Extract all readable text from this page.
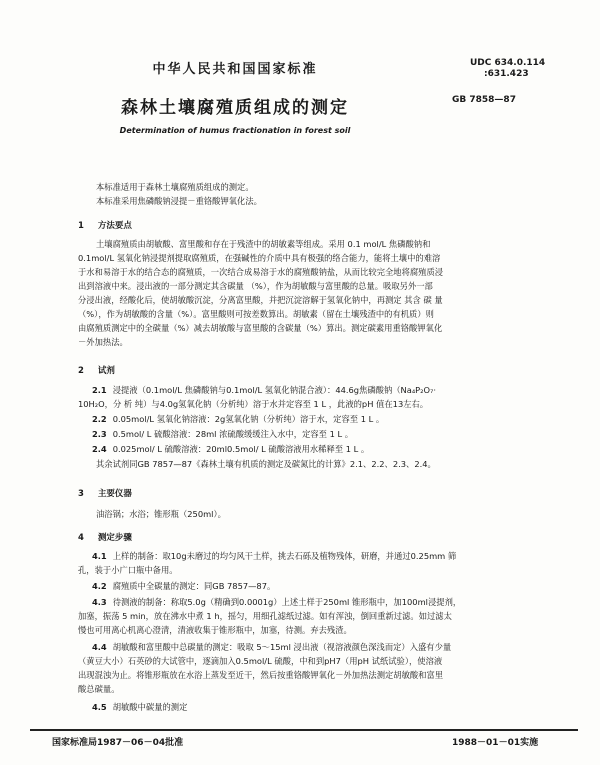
中华人民共和国国家标准	UDC 634.0.114
:631.423
森林土壤腐殖质组成的测定	GB 7858—87
Determination of humus fractionation in forest soil
本标准适用于森林土壤腐殖质组成的测定。
本标准采用焦磷酸钠浸提－重铬酸钾氧化法。
1 方法要点
土壤腐殖质由胡敏酸、富里酸和存在于残渣中的胡敏素等组成。采用 0.1 mol/L 焦磷酸钠和
0.1mol/L 氢氧化钠浸提剂提取腐殖质，在强碱性的介质中具有极强的络合能力，能将土壤中的难溶
于水和易溶于水的结合态的腐殖质，一次结合成易溶于水的腐殖酸钠盐，从而比较完全地将腐殖质浸
出到溶液中来。浸出液的一部分测定其含碳量 （%），作为胡敏酸与富里酸的总量。吸取另外一部
分浸出液，经酸化后，使胡敏酸沉淀，分离富里酸，并把沉淀溶解于氢氧化钠中，再测定 其含 碳 量
（%），作为胡敏酸的含量（%）。富里酸则可按差数算出。胡敏素（留在土壤残渣中的有机质）则
由腐殖质测定中的全碳量（%）减去胡敏酸与富里酸的含碳量（%）算出。测定碳素用重铬酸钾氧化
－外加热法。
2 试剂
2.1 浸提液（0.1mol/L 焦磷酸钠与0.1mol/L 氢氧化钠混合液）：44.6g焦磷酸钠（Na₄P₂O₇·
10H₂O，分 析 纯）与4.0g氢氧化钠（分析纯）溶于水并定容至 1 L ，此液的pH 值在13左右。
2.2 0.05mol/L 氢氧化钠溶液：2g氢氧化钠（分析纯）溶于水，定容至 1 L 。
2.3 0.5mol/ L 硫酸溶液：28ml 浓硫酸缓缓注入水中，定容至 1 L 。
2.4 0.025mol/ L 硫酸溶液：20ml0.5mol/ L 硫酸溶液用水稀释至 1 L 。
其余试剂同GB 7857—87《森林土壤有机质的测定及碳氮比的计算》2.1、2.2、2.3、2.4。
3 主要仪器
油浴锅；水浴；锥形瓶（250ml）。
4 测定步骤
4.1 上样的制备：取10g未磨过的均匀风干土样，挑去石砾及植物残体，研磨，并通过0.25mm 筛
孔，装于小广口瓶中备用。
4.2 腐殖质中全碳量的测定：同GB 7857—87。
4.3 待测液的制备：称取5.0g（精确到0.0001g）上述土样于250ml 锥形瓶中，加100ml浸提剂，
加塞，振荡 5 min，放在沸水中煮 1 h，摇匀，用细孔滤纸过滤。如有浑浊，倒回重新过滤。如过滤太
慢也可用离心机离心澄清，清液收集于锥形瓶中，加塞，待测。弃去残渣。
4.4 胡敏酸和富里酸中总碳量的测定：吸取 5～15ml 浸出液（视溶液颜色深浅而定）入盛有少量
（黄豆大小）石英砂的大试管中，逐滴加入0.5mol/L 硫酸，中和到pH7（用pH 试纸试验），使溶液
出现混浊为止。将锥形瓶放在水浴上蒸发至近干，然后按重铬酸钾氧化－外加热法测定胡敏酸和富里
酸总碳量。
4.5 胡敏酸中碳量的测定
国家标准局1987－06－04批准	1988－01－01实施
